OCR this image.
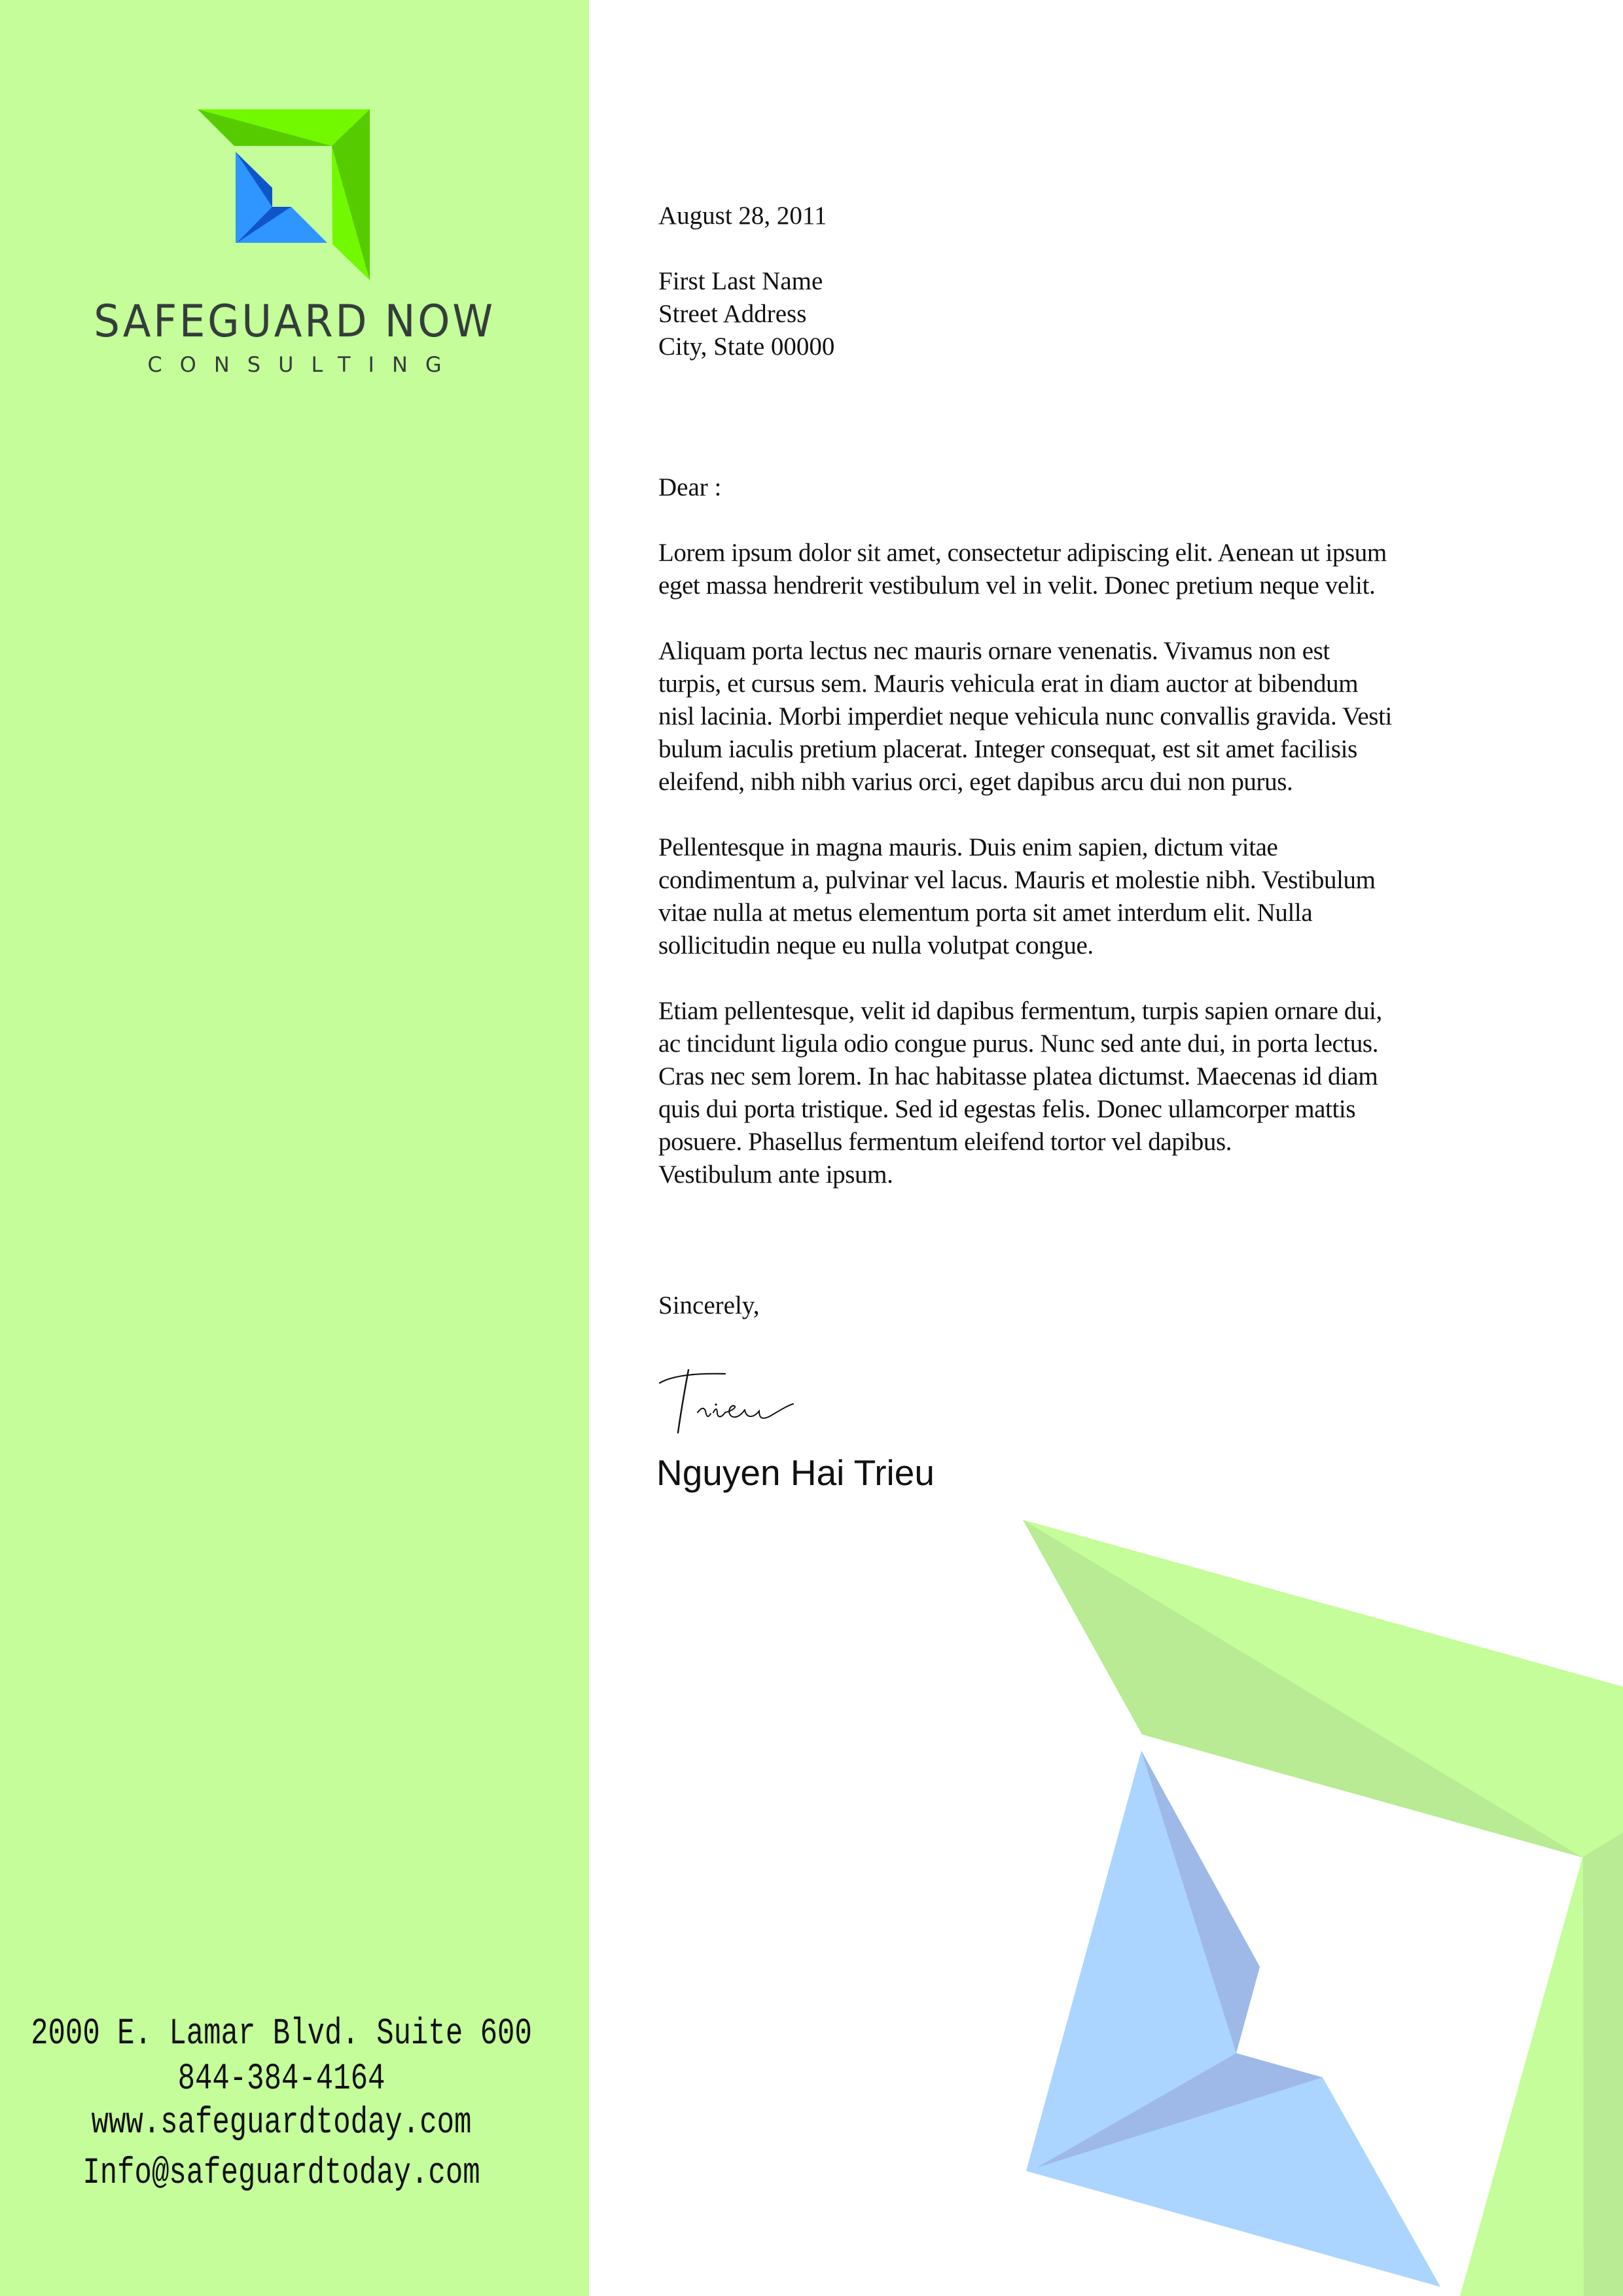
SAFEGUARD NOW
CONSULTING
2000 E. Lamar Blvd. Suite 600
844-384-4164
www.safeguardtoday.com
Info@safeguardtoday.com
August 28, 2011
First Last Name
Street Address
City, State 00000
Dear :
Lorem ipsum dolor sit amet, consectetur adipiscing elit. Aenean ut ipsum
eget massa hendrerit vestibulum vel in velit. Donec pretium neque velit.
Aliquam porta lectus nec mauris ornare venenatis. Vivamus non est
turpis, et cursus sem. Mauris vehicula erat in diam auctor at bibendum
nisl lacinia. Morbi imperdiet neque vehicula nunc convallis gravida. Vesti
bulum iaculis pretium placerat. Integer consequat, est sit amet facilisis
eleifend, nibh nibh varius orci, eget dapibus arcu dui non purus.
Pellentesque in magna mauris. Duis enim sapien, dictum vitae
condimentum a, pulvinar vel lacus. Mauris et molestie nibh. Vestibulum
vitae nulla at metus elementum porta sit amet interdum elit. Nulla
sollicitudin neque eu nulla volutpat congue.
Etiam pellentesque, velit id dapibus fermentum, turpis sapien ornare dui,
ac tincidunt ligula odio congue purus. Nunc sed ante dui, in porta lectus.
Cras nec sem lorem. In hac habitasse platea dictumst. Maecenas id diam
quis dui porta tristique. Sed id egestas felis. Donec ullamcorper mattis
posuere. Phasellus fermentum eleifend tortor vel dapibus.
Vestibulum ante ipsum.
Sincerely,
Nguyen Hai Trieu
